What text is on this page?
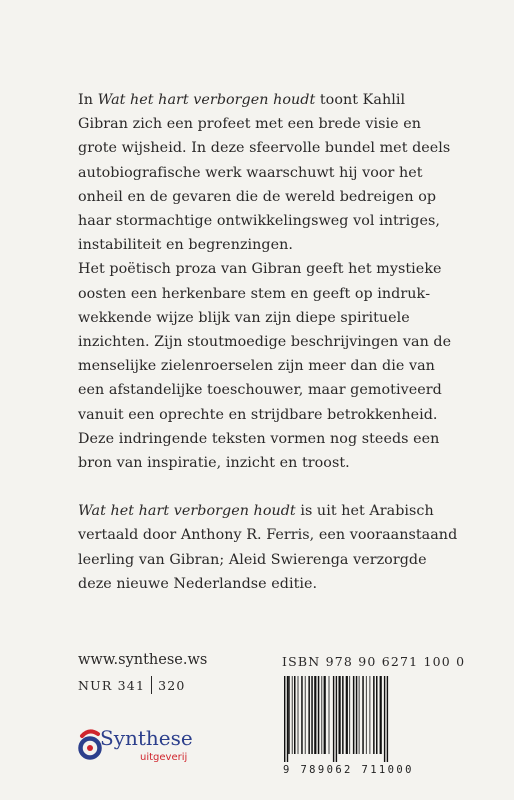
In Wat het hart verborgen houdt toont Kahlil Gibran zich een profeet met een brede visie en grote wijsheid. In deze sfeervolle bundel met deels autobiografische werk waarschuwt hij voor het onheil en de gevaren die de wereld bedreigen op haar stormachtige ontwikkelingsweg vol intriges, instabiliteit en begrenzingen.

Het poëtisch proza van Gibran geeft het mystieke oosten een herkenbare stem en geeft op indrukwekkende wijze blijk van zijn diepe spirituele inzichten. Zijn stoutmoedige beschrijvingen van de menselijke zielenroerselen zijn meer dan die van een afstandelijke toeschouwer, maar gemotiveerd vanuit een oprechte en strijdbare betrokkenheid. Deze indringende teksten vormen nog steeds een bron van inspiratie, inzicht en troost.

Wat het hart verborgen houdt is uit het Arabisch vertaald door Anthony R. Ferris, een vooraanstaand leerling van Gibran; Aleid Swierenga verzorgde deze nieuwe Nederlandse editie.

www.synthese.ws
NUR 341 320
ISBN 978 90 6271 100 0
9 789062 711000
Synthese
uitgeverij
